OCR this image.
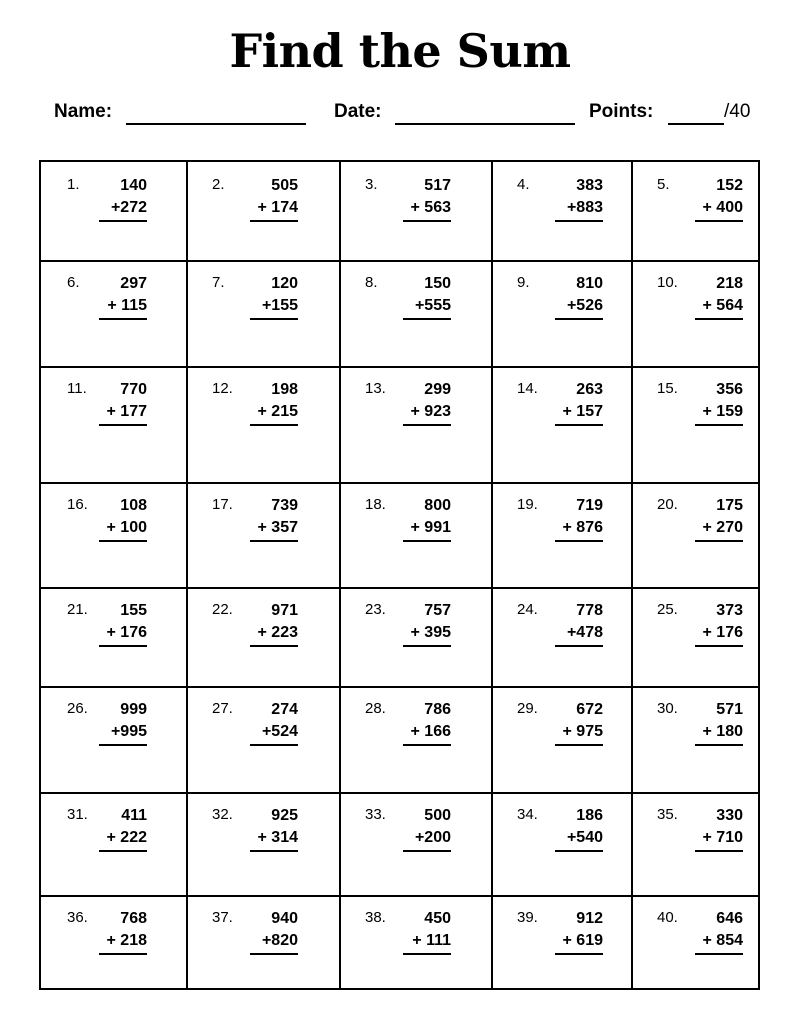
Find the Sum
Name:	Date:	Points:	/40
1.	140
+272
2.	505
+ 174
3.	517
+ 563
4.	383
+883
5.	152
+ 400
6.	297
+ 115
7.	120
+155
8.	150
+555
9.	810
+526
10.	218
+ 564
11.	770
+ 177
12.	198
+ 215
13.	299
+ 923
14.	263
+ 157
15.	356
+ 159
16.	108
+ 100
17.	739
+ 357
18.	800
+ 991
19.	719
+ 876
20.	175
+ 270
21.	155
+ 176
22.	971
+ 223
23.	757
+ 395
24.	778
+478
25.	373
+ 176
26.	999
+995
27.	274
+524
28.	786
+ 166
29.	672
+ 975
30.	571
+ 180
31.	411
+ 222
32.	925
+ 314
33.	500
+200
34.	186
+540
35.	330
+ 710
36.	768
+ 218
37.	940
+820
38.	450
+ 111
39.	912
+ 619
40.	646
+ 854
